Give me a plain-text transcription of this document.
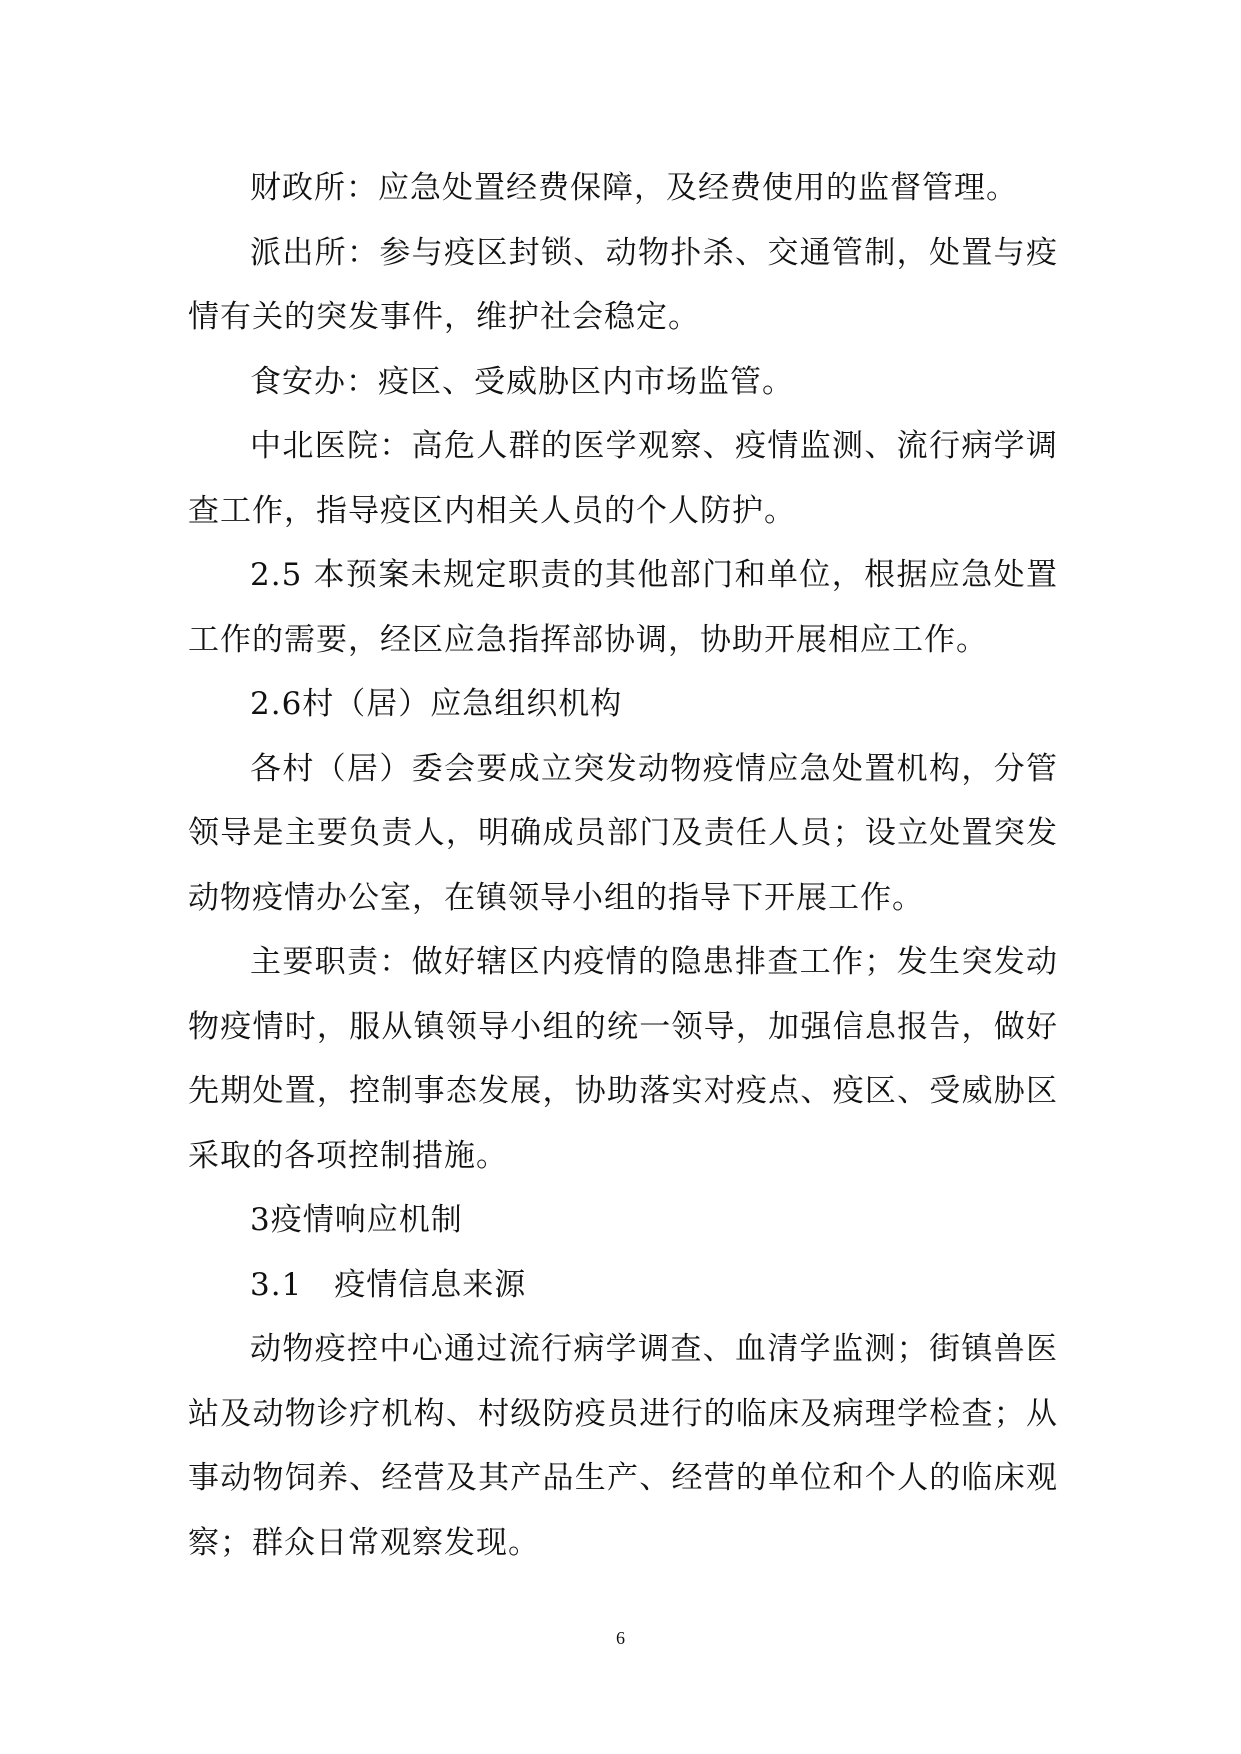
财政所：应急处置经费保障，及经费使用的监督管理。

派出所：参与疫区封锁、动物扑杀、交通管制，处置与疫情有关的突发事件，维护社会稳定。

食安办：疫区、受威胁区内市场监管。

中北医院：高危人群的医学观察、疫情监测、流行病学调查工作，指导疫区内相关人员的个人防护。

2.5 本预案未规定职责的其他部门和单位，根据应急处置工作的需要，经区应急指挥部协调，协助开展相应工作。

2.6村（居）应急组织机构

各村（居）委会要成立突发动物疫情应急处置机构，分管领导是主要负责人，明确成员部门及责任人员；设立处置突发动物疫情办公室，在镇领导小组的指导下开展工作。

主要职责：做好辖区内疫情的隐患排查工作；发生突发动物疫情时，服从镇领导小组的统一领导，加强信息报告，做好先期处置，控制事态发展，协助落实对疫点、疫区、受威胁区采取的各项控制措施。

3疫情响应机制

3.1　疫情信息来源

动物疫控中心通过流行病学调查、血清学监测；街镇兽医站及动物诊疗机构、村级防疫员进行的临床及病理学检查；从事动物饲养、经营及其产品生产、经营的单位和个人的临床观察；群众日常观察发现。

6
